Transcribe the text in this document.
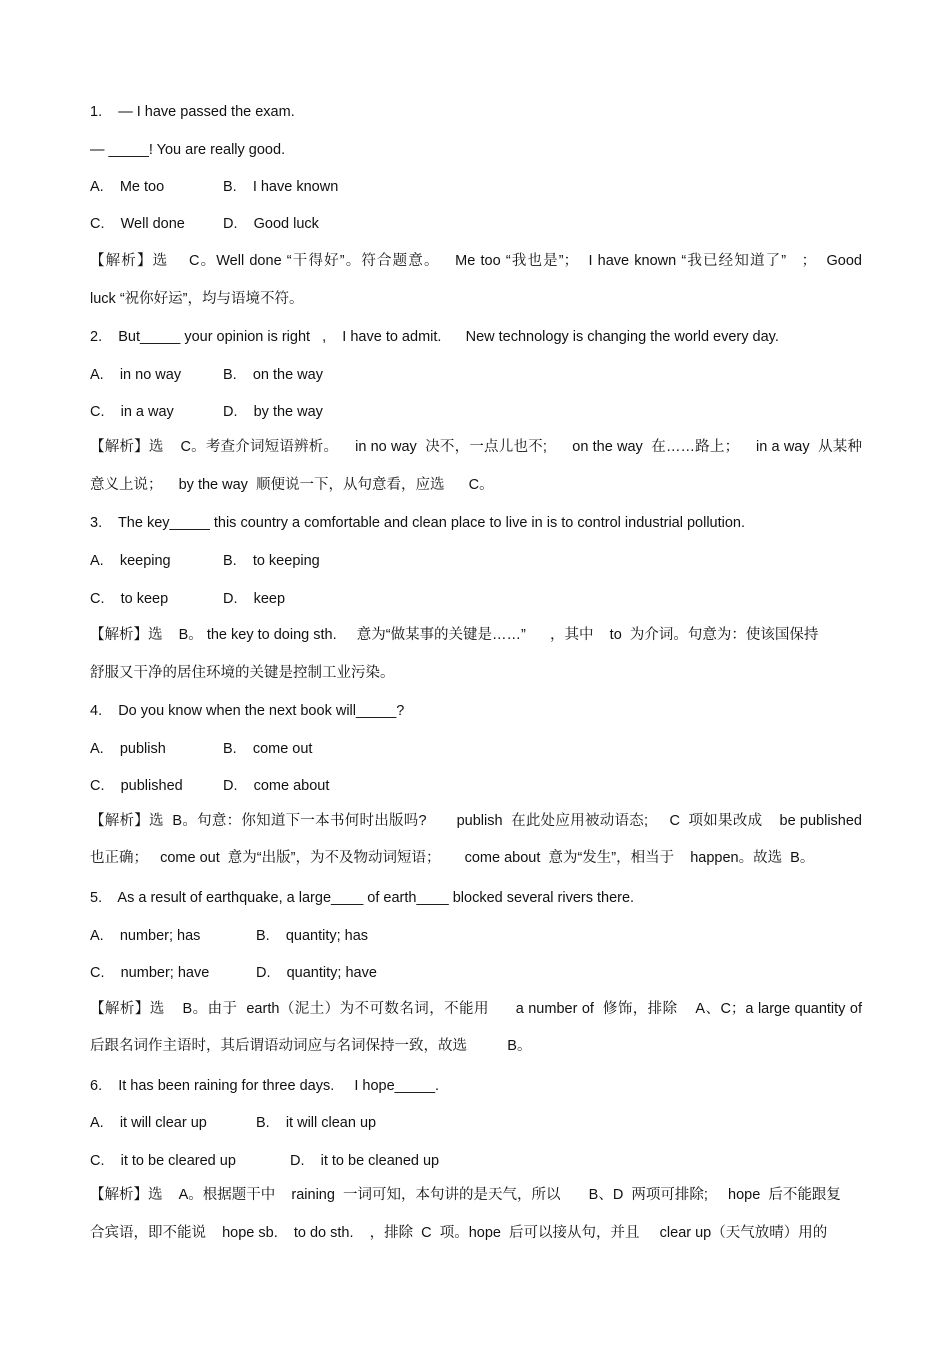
1.    — I have passed the exam.
— _____! You are really good.
A.    Me too	B.    I have known
C.    Well done	D.    Good luck
【解析】选    C。Well done “干得好”。符合题意。   Me too “我也是”；  I have known “我已经知道了”   ；  Good
luck “祝你好运”，均与语境不符。
2.    But_____ your opinion is right   ,    I have to admit.      New technology is changing the world every day.
A.    in no way	B.    on the way
C.    in a way	D.    by the way
【解析】选    C。考查介词短语辨析。    in no way  决不，一点儿也不;      on the way  在……路上；    in a way  从某种
意义上说；    by the way  顺便说一下，从句意看，应选      C。
3.    The key_____ this country a comfortable and clean place to live in is to control industrial pollution.
A.    keeping	B.    to keeping
C.    to keep	D.    keep
【解析】选    B。 the key to doing sth.     意为“做某事的关键是……”      ，其中    to  为介词。句意为：使该国保持
舒服又干净的居住环境的关键是控制工业污染。
4.    Do you know when the next book will_____?
A.    publish	B.    come out
C.    published	D.    come about
【解析】选  B。句意：你知道下一本书何时出版吗?       publish  在此处应用被动语态;     C  项如果改成    be published
也正确；   come out  意为“出版”，为不及物动词短语；      come about  意为“发生”，相当于    happen。故选  B。
5.    As a result of earthquake, a large____ of earth____ blocked several rivers there.
A.    number; has	B.    quantity; has
C.    number; have	D.    quantity; have
【解析】选    B。由于  earth（泥土）为不可数名词，不能用      a number of  修饰，排除    A、C；a large quantity of
后跟名词作主语时，其后谓语动词应与名词保持一致，故选          B。
6.    It has been raining for three days.     I hope_____.
A.    it will clear up	B.    it will clean up
C.    it to be cleared up	D.    it to be cleaned up
【解析】选    A。根据题干中    raining  一词可知，本句讲的是天气，所以       B、D  两项可排除;     hope  后不能跟复
合宾语，即不能说    hope sb.    to do sth.    ，排除  C  项。hope  后可以接从句，并且     clear up（天气放晴）用的
